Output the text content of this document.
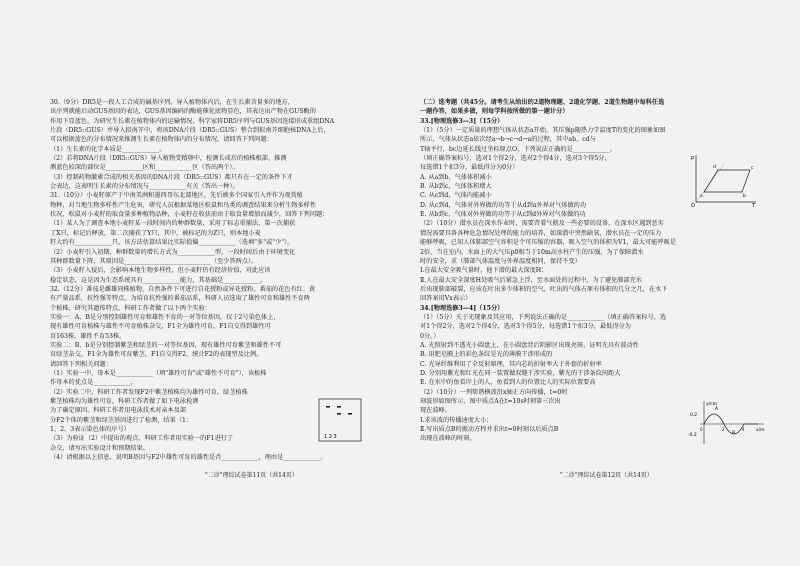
30.（9分）DR5是一段人工合成的碱基序列，导入植物体内后，在生长素含量多的地方，
该序列就能启动GUS基因的表达，GUS基因编码的酶能催化底物显色，其表达出产物在GUS酶的
作用下显蓝色。为研究生长素在植物体内的运输情况，科学家将DR5序列与GUS基因连接形成重组DNA
片段（DR5::GUS）并导入拟南芥中，将该DNA片段（DR5::GUS）整合到拟南芥细胞核DNA上后，
可以根据蓝色的分布情况来推测生长素在植物体内的分布情况，请回答下列问题：
（1）生长素的化学本质是____________。
（2）若将DNA片段（DR5::GUS）导入植物受精卵中，检测长成后的植株根部，推测
测蓝色较深的部位是____________区和____________区（答出两个）。
（3）控制药物激素合成的相关基因的DNA片段（DR5::GUS）都只有在一定的条件下才
会表达，这表明生长素的分布情况与____________有关（答出一种）。
31.（10分）小麦籽原产于中南美洲和墨西哥东北部地区，先后被多个国家引入并作为观赏植
物种，对当地生物多样性产生危害，研究人员根据某地区松鼠和鸟类的调查结果来分析生物多样性
状况，松鼠对小麦籽的取食量多种植物品种，小麦籽在收获前由于取食量增加而减少，回答下列问题：
（1）某人为了调查本地小麦籽某一段时间内的种群数量，采用了标志重捕法，第一次捕获
了X只，标记后释放，第二次捕获了Y只，其中，被标记的为Z只，则本地小麦
籽大约有____________只，该方法估算结果比实际值偏____________（选填"多"或"少"）。
（2）小麦籽引入初期，种群数量的增长方式为____________型，一段时间后由于环境变化
其种群数量下降，其原因是____________________________（至少答两点）。
（3）小麦籽入侵后，会影响本地生物多样性，但小麦籽仍有经济价值，对此应该
稳定状态，这是因为生态系统具有____________能力，其基础是____________。
32.（12分）番茄是雌雄同株植物，自然条件下可进行自花授粉或异花授粉。番茄的花色有红、黄
有产量品系，抗性强等特点。为培育抗性强的番茄品系，科研人员选取了雄性可育和雄性不育两
个植株，研究其遗传特点，科研工作者做了以下两个实验：
实验一：A、B是分别控制雄性可育和雄性不育的一对等位基因，仅于2号染色体上，
现有雄性可育植株与雄性不可育植株杂交，F1全为雄性可育，F1自交得到雄性可
育163株，雄性不育53株。
实验二：B、b是分别控制紫茎和绿茎的一对等位基因，现有雄性可育紫茎和雄性不可
育绿茎杂交，F1全为雄性可育紫茎，F1自交得F2，统计F2的表现型及比例。
请回答下列相关问题：
（1）实验一中，母本是____________（填"雄性可育"或"雄性不可育"），该植株
作母本的优点是____________。
（2）实验二中，科研工作者发现F2中紫茎植株均为雄性可育，绿茎植株
紫茎植株均为雄性可育，科研工作者做了如下电泳检测
为了确定原因，科研工作者用电泳技术对亲本及部
分F2个体的紫茎和绿茎基因进行了检测，结果（1：
1、2、3表示染色体的序号）
（3）为验证（2）中提出的观点，科研工作者用实验一的F1进行了
杂交，请写出实验设计和预期结果。
（4）请根据以上信息，说明B基因与F2中雄性可育的雄性是否____________，理由是____________。
（二）选考题（共45分。请考生从给出的2道物理题、2道化学题、2道生物题中每科任选
一题作答，如果多做，则每学科按所做的第一题计分）
33.[物理选修3—3]（15分）
（1）（5分）一定质量的理想气体从状态a开始，其压强p随热力学温度T的变化的图象如图
所示，气体从状态a依次经a→b→c→d→a的过程，其中ab、cd与
T轴平行，bc边延长线过坐标原点O，下列说法正确的是____________。
（填正确答案标号，选对1个得2分，选对2个得4分，选对3个得5分，
每选错1个扣3分，最低得分为0分）
A. 从a到b，气体体积减小
B. 从b到c，气体体积增大
C. 从c到d，气体内能减小
D. 从c到d，气体对外界做的功等于从d到a外界对气体做的功
E. 从b到c，气体对外界做的功等于从c到d外界对气体做的功
（2）（10分）潜水员在深水作业时，需要背着气瓶及一些必要的设备，在深水区遇到恶劣
情况需要具备各种危急情况处理的能力的培养，如深潜中突然缺氧，潜水员在一定的压力
能够呼吸，已知人体肺部空气容积是个可压缩的容器，吸入空气的体积为V1，最大可能呼吸是
2倍，当在室内，水面上的大气压p0相当于10m高水柱产生的压强，为了保障潜水
时的安全，求（肺部气体温度与外界温度相同，保持不变）
Ⅰ.在最大安全吸气量时，他下潜的最大深度H；
Ⅱ.人在最大安全深度H处吸气后紧急上浮，至水面处的过程中，为了避免肺部充水
后出现肺部破裂，应该在吐出多少体积的空气，吐出的气体占原有体积的几分之几，在水下
回答案用Vx表示）
34.[物理选修3—4]（15分）
（1）（5分）关于光现象及其应用，下列说法正确的是____________（填正确答案标号，选
对1个得2分，选对2个得4分，选对3个得5分，每选错1个扣3分，最低得分为
0分。）
A. 光照射到不透光小圆盘上，在小圆盘背后阴影区出现亮斑，证明光具有波动性
B. 用肥皂膜上的彩色条纹是光的薄膜干涉形成的
C. 光导纤维利用了全反射原理，其内芯的折射率大于外套的折射率
D. 分别用紫光和红光在同一装置做双缝干涉实验，紫光的干涉条纹间距大
E. 在水中的鱼看岸上的人，鱼看到人的位置比人的实际位置要高
（2）（10分）一列简谐横波沿x轴正方向传播，t=0时
刻波形如图所示，图中质点A在t=10s时刻第三次出
现在波峰。
Ⅰ.求该波的传播速度大小；
Ⅱ.写出质点B的振动方程并求出t=0时刻以后质点B
出现在波峰的时刻。
1 2 3
p
T
O
a	b
c
d
y/cm
x/m
0.2
-0.2
0	2	4
A
B
"二诊"理综试卷第11页（共14页）	"二诊"理综试卷第12页（共14页）
